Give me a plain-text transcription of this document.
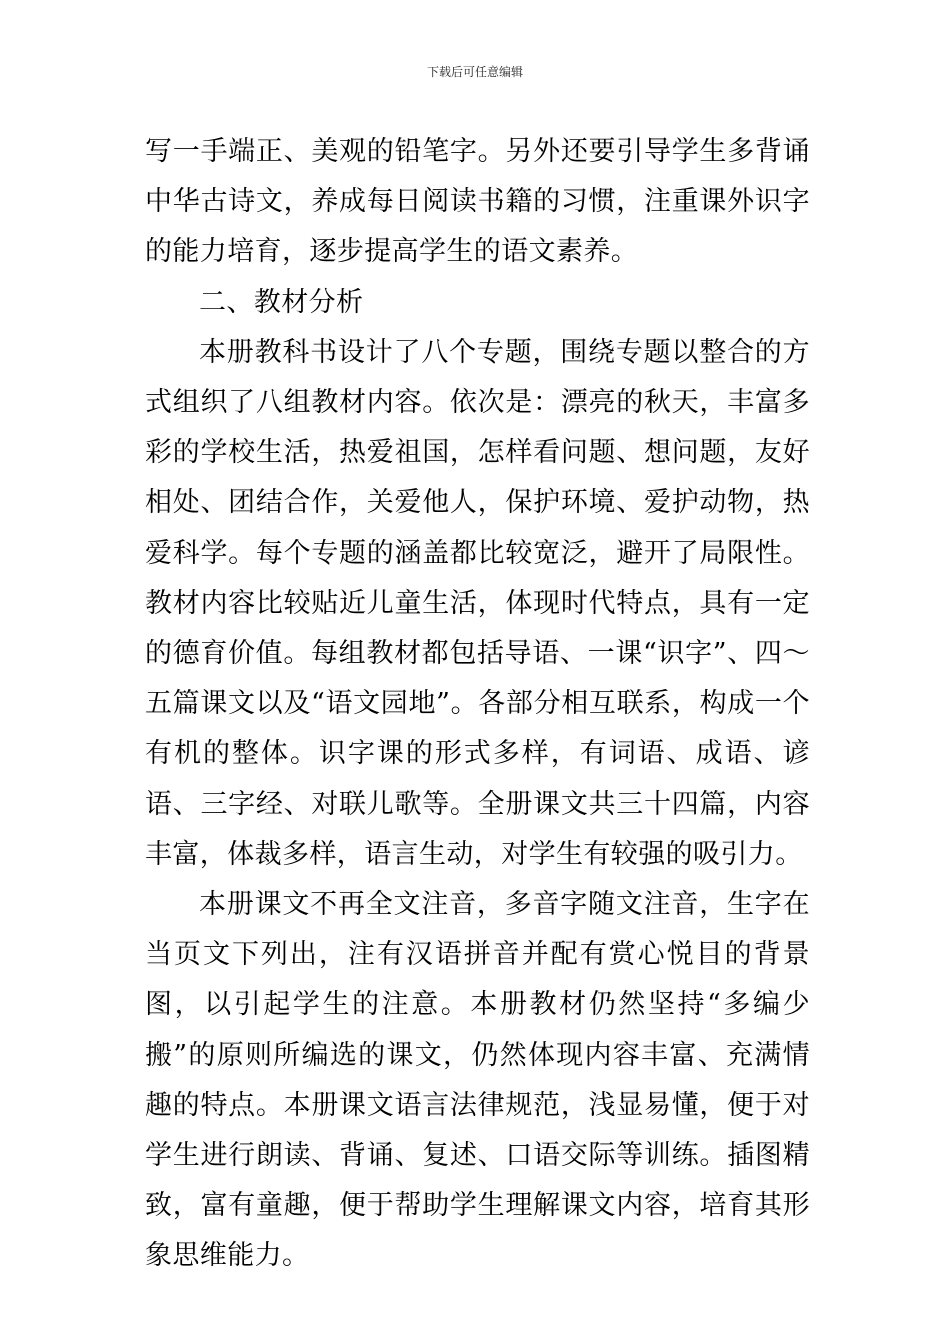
下载后可任意编辑

写一手端正、美观的铅笔字。另外还要引导学生多背诵中华古诗文，养成每日阅读书籍的习惯，注重课外识字的能力培育，逐步提高学生的语文素养。

二、教材分析

本册教科书设计了八个专题，围绕专题以整合的方式组织了八组教材内容。依次是：漂亮的秋天，丰富多彩的学校生活，热爱祖国，怎样看问题、想问题，友好相处、团结合作，关爱他人，保护环境、爱护动物，热爱科学。每个专题的涵盖都比较宽泛，避开了局限性。教材内容比较贴近儿童生活，体现时代特点，具有一定的德育价值。每组教材都包括导语、一课“识字”、四～五篇课文以及“语文园地”。各部分相互联系，构成一个有机的整体。识字课的形式多样，有词语、成语、谚语、三字经、对联儿歌等。全册课文共三十四篇，内容丰富，体裁多样，语言生动，对学生有较强的吸引力。

本册课文不再全文注音，多音字随文注音，生字在当页文下列出，注有汉语拼音并配有赏心悦目的背景图，以引起学生的注意。本册教材仍然坚持“多编少搬”的原则所编选的课文，仍然体现内容丰富、充满情趣的特点。本册课文语言法律规范，浅显易懂，便于对学生进行朗读、背诵、复述、口语交际等训练。插图精致，富有童趣，便于帮助学生理解课文内容，培育其形象思维能力。
